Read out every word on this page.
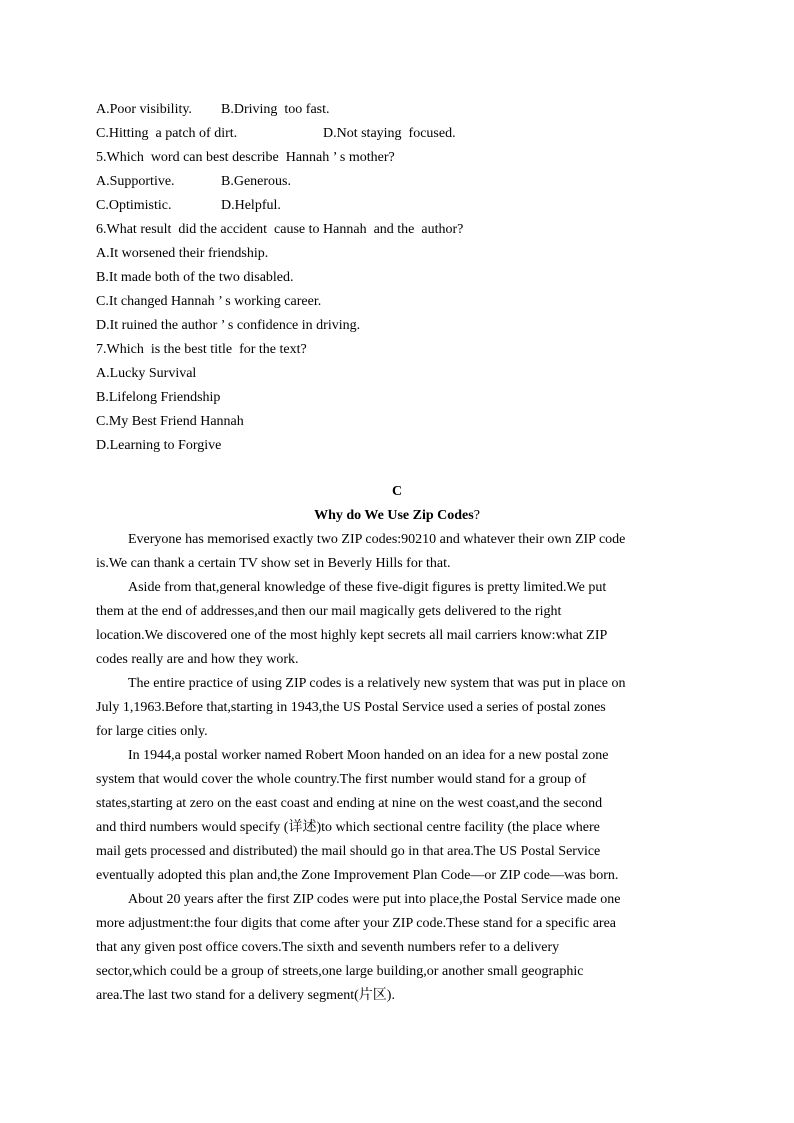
A.Poor visibility.	B.Driving  too fast.
C.Hitting  a patch of dirt.	D.Not staying  focused.
5.Which  word can best describe  Hannah ’ s mother?
A.Supportive.	B.Generous.
C.Optimistic.	D.Helpful.
6.What result  did the accident  cause to Hannah  and the  author?
A.It worsened their friendship.
B.It made both of the two disabled.
C.It changed Hannah ’ s working career.
D.It ruined the author ’ s confidence in driving.
7.Which  is the best title  for the text?
A.Lucky Survival
B.Lifelong Friendship
C.My Best Friend Hannah
D.Learning to Forgive
C
Why do We Use Zip Codes?
Everyone has memorised exactly two ZIP codes:90210 and whatever their own ZIP code
is.We can thank a certain TV show set in Beverly Hills for that.
Aside from that,general knowledge of these five-digit figures is pretty limited.We put
them at the end of addresses,and then our mail magically gets delivered to the right
location.We discovered one of the most highly kept secrets all mail carriers know:what ZIP
codes really are and how they work.
The entire practice of using ZIP codes is a relatively new system that was put in place on
July 1,1963.Before that,starting in 1943,the US Postal Service used a series of postal zones
for large cities only.
In 1944,a postal worker named Robert Moon handed on an idea for a new postal zone
system that would cover the whole country.The first number would stand for a group of
states,starting at zero on the east coast and ending at nine on the west coast,and the second
and third numbers would specify (详述)to which sectional centre facility (the place where
mail gets processed and distributed) the mail should go in that area.The US Postal Service
eventually adopted this plan and,the Zone Improvement Plan Code—or ZIP code—was born.
About 20 years after the first ZIP codes were put into place,the Postal Service made one
more adjustment:the four digits that come after your ZIP code.These stand for a specific area
that any given post office covers.The sixth and seventh numbers refer to a delivery
sector,which could be a group of streets,one large building,or another small geographic
area.The last two stand for a delivery segment(片区).
